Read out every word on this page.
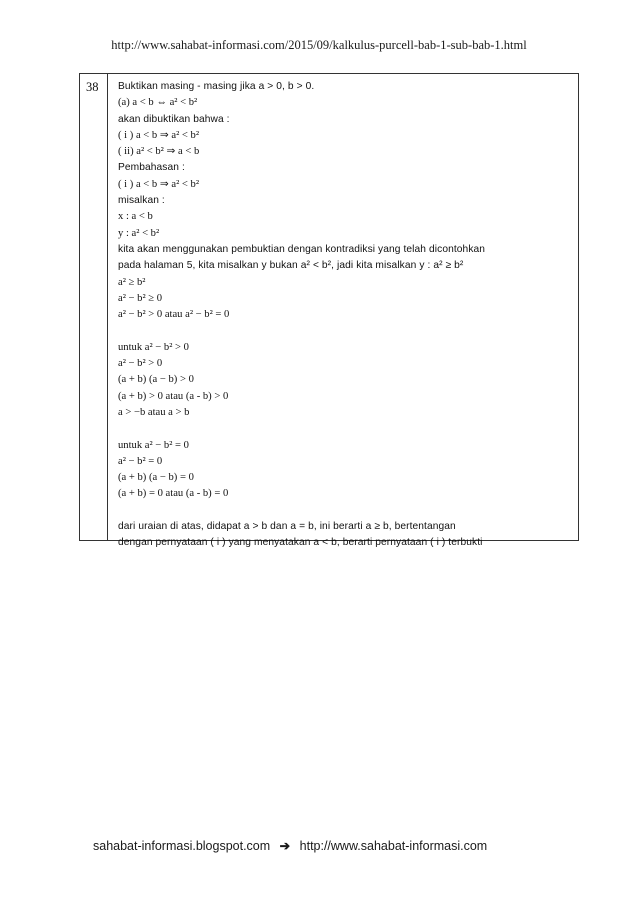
http://www.sahabat-informasi.com/2015/09/kalkulus-purcell-bab-1-sub-bab-1.html
38 Buktikan masing - masing jika a > 0, b > 0.
(a) a < b ⇔ a² < b²
akan dibuktikan bahwa :
( i ) a < b ⇒ a² < b²
( ii) a² < b² ⇒ a < b
Pembahasan :
( i ) a < b ⇒ a² < b²
misalkan :
x : a < b
y : a² < b²
kita akan menggunakan pembuktian dengan kontradiksi yang telah dicontohkan
pada halaman 5, kita misalkan y bukan a² < b², jadi kita misalkan y : a² ≥ b²
a² ≥ b²
a² − b² ≥ 0
a² − b² > 0 atau a² − b² = 0
untuk a² − b² > 0
a² − b² > 0
(a + b) (a − b) > 0
(a + b) > 0 atau (a - b) > 0
a > −b atau a > b
untuk a² − b² = 0
a² − b² = 0
(a + b) (a − b) = 0
(a + b) = 0 atau (a - b) = 0
dari uraian di atas, didapat a > b dan a = b, ini berarti a ≥ b, bertentangan
dengan pernyataan ( i ) yang menyatakan a < b, berarti pernyataan ( i ) terbukti
sahabat-informasi.blogspot.com ➔ http://www.sahabat-informasi.com
